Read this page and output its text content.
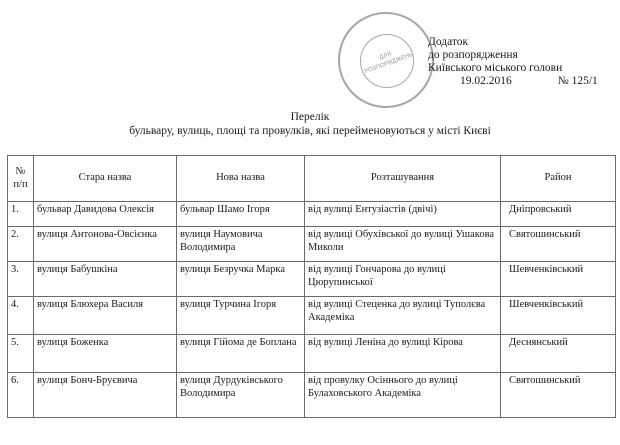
ДЛЯ РОЗПОРЯДЖЕНЬ
Додаток
до розпорядження
Київського міського голови
19.02.2016	№ 125/1
Перелік
бульвару, вулиць, площі та провулків, які перейменовуються у місті Києві
№ п/п	Стара назва	Нова назва	Розташування	Район
1.	бульвар Давидова Олексія	бульвар Шамо Ігоря	від вулиці Ентузіастів (двічі)	Дніпровський
2.	вулиця Антонова-Овсієнка	вулиця Наумовича Володимира	від вулиці Обухівської до вулиці Ушакова Миколи	Святошинський
3.	вулиця Бабушкіна	вулиця Безручка Марка	від вулиці Гончарова до вулиці Цюрупинської	Шевченківський
4.	вулиця Блюхера Василя	вулиця Турчина Ігоря	від вулиці Стеценка до вулиці Туполєва Академіка	Шевченківський
5.	вулиця Боженка	вулиця Гійома де Боплана	від вулиці Леніна до вулиці Кірова	Деснянський
6.	вулиця Бонч-Бруєвича	вулиця Дурдуківського Володимира	від провулку Осіннього до вулиці Булаховського Академіка	Святошинський
